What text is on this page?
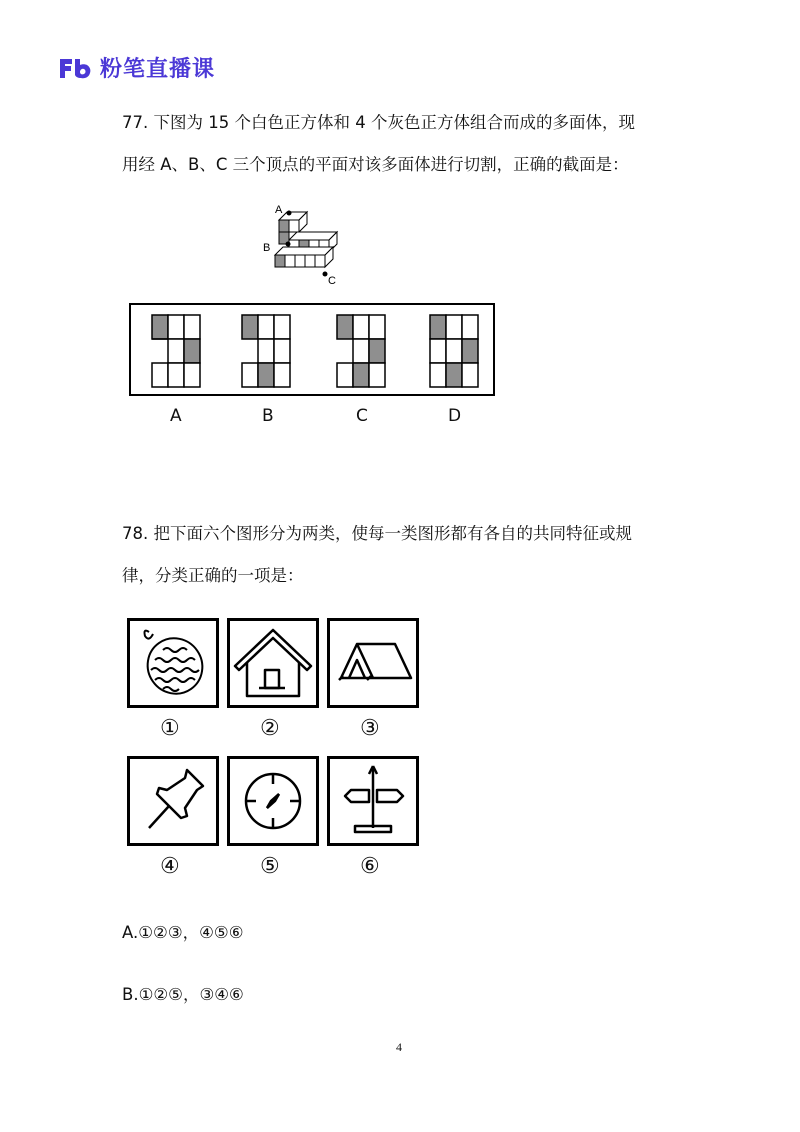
粉笔直播课
77. 下图为 15 个白色正方体和 4 个灰色正方体组合而成的多面体，现
用经 A、B、C 三个顶点的平面对该多面体进行切割，正确的截面是：
A
B
C
A	B	C	D
78. 把下面六个图形分为两类，使每一类图形都有各自的共同特征或规
律，分类正确的一项是：
①	②	③
④	⑤	⑥
A.①②③，④⑤⑥
B.①②⑤，③④⑥
4
